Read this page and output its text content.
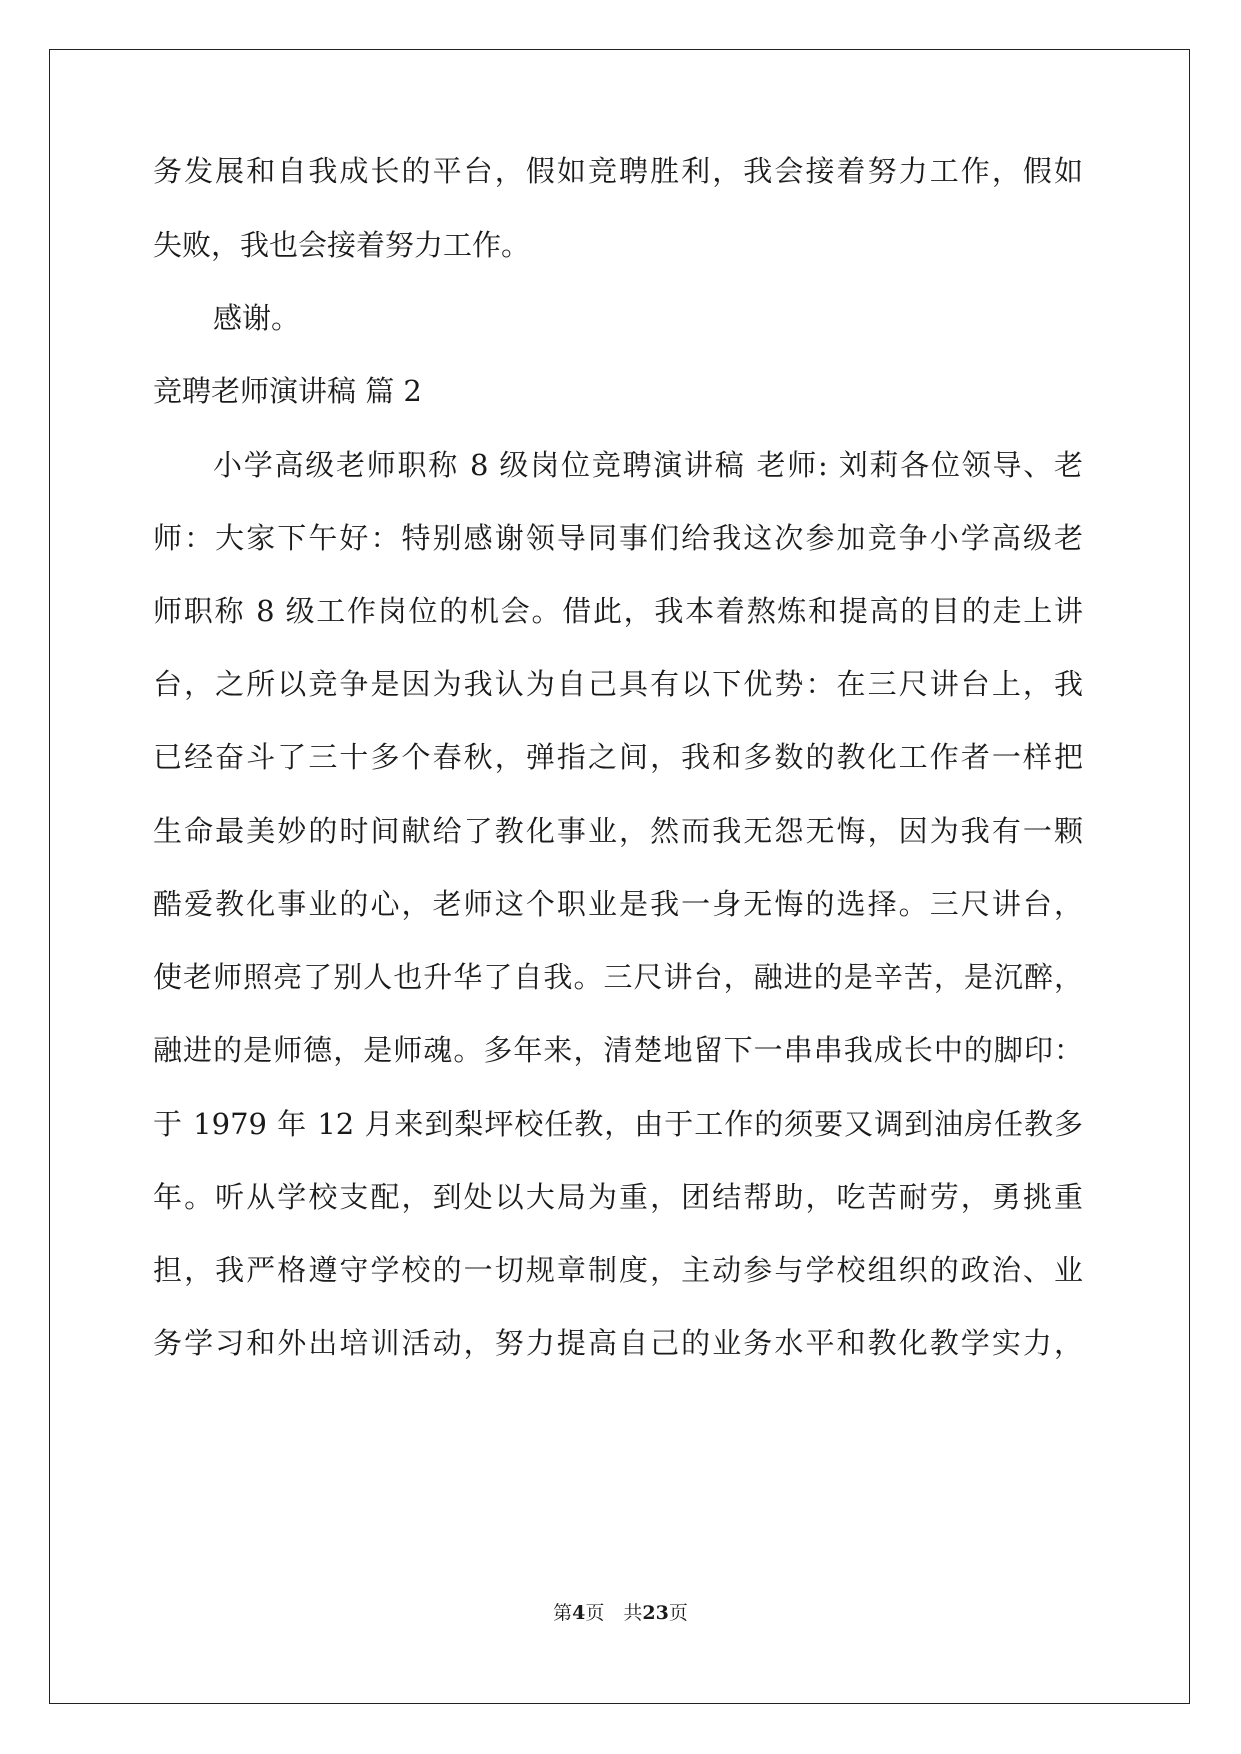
务发展和自我成长的平台，假如竞聘胜利，我会接着努力工作，假如

失败，我也会接着努力工作。

感谢。

竞聘老师演讲稿 篇 2

小学高级老师职称 8 级岗位竞聘演讲稿 老师: 刘莉各位领导、老

师：大家下午好：特别感谢领导同事们给我这次参加竞争小学高级老

师职称 8 级工作岗位的机会。借此，我本着熬炼和提高的目的走上讲

台，之所以竞争是因为我认为自己具有以下优势：在三尺讲台上，我

已经奋斗了三十多个春秋，弹指之间，我和多数的教化工作者一样把

生命最美妙的时间献给了教化事业，然而我无怨无悔，因为我有一颗

酷爱教化事业的心，老师这个职业是我一身无悔的选择。三尺讲台，

使老师照亮了别人也升华了自我。三尺讲台，融进的是辛苦，是沉醉，

融进的是师德，是师魂。多年来，清楚地留下一串串我成长中的脚印：

于 1979 年 12 月来到梨坪校任教，由于工作的须要又调到油房任教多

年。听从学校支配，到处以大局为重，团结帮助，吃苦耐劳，勇挑重

担，我严格遵守学校的一切规章制度，主动参与学校组织的政治、业

务学习和外出培训活动，努力提高自己的业务水平和教化教学实力，

第4页　共23页
